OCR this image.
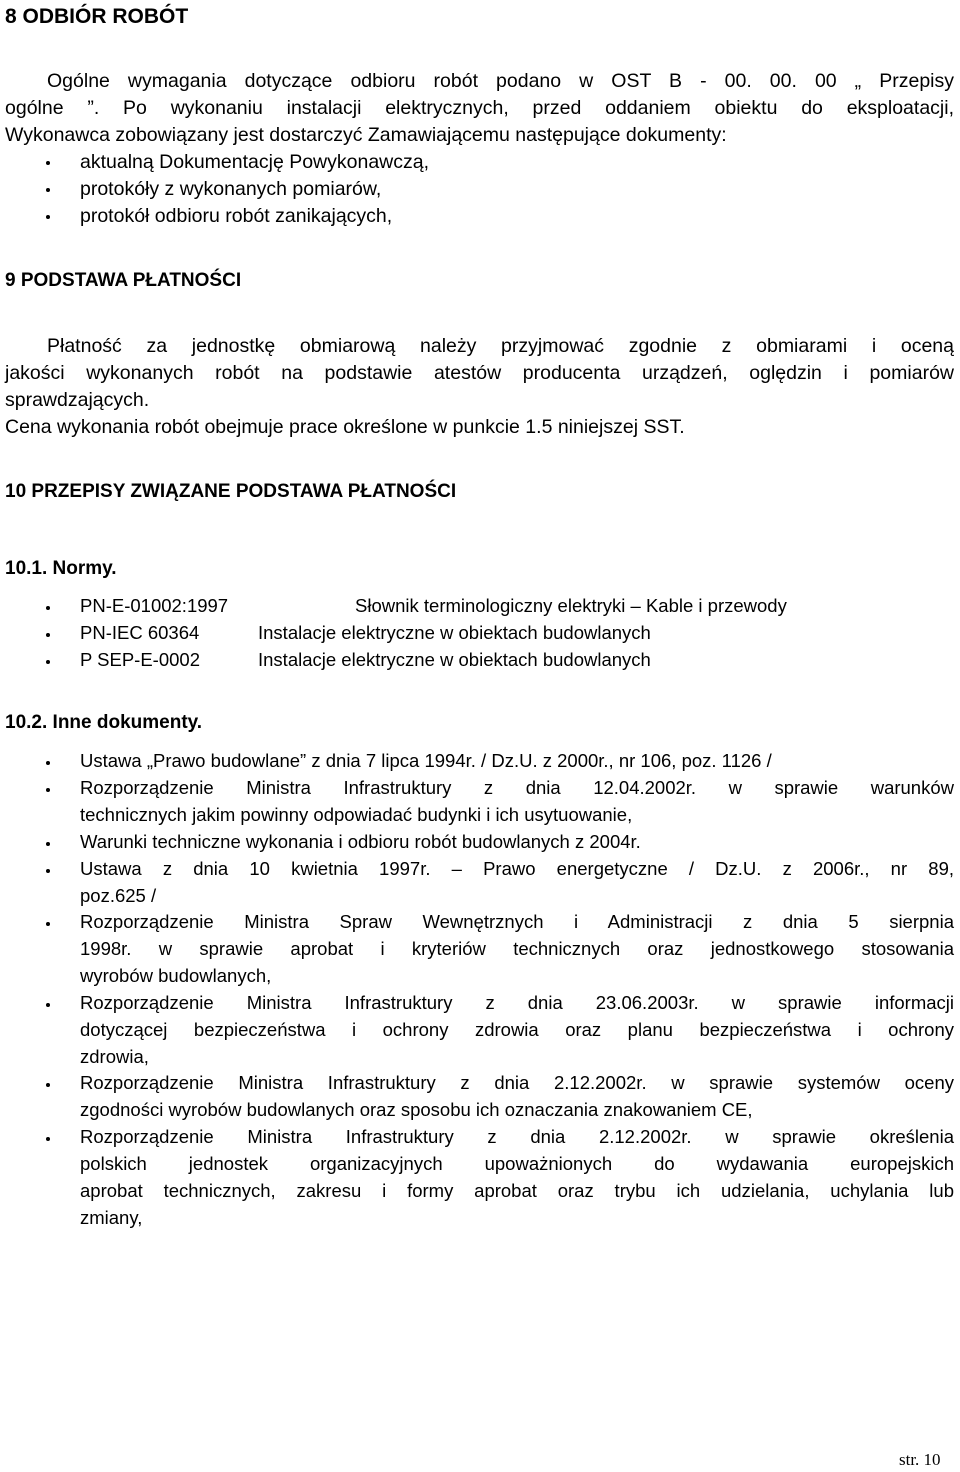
8 ODBIÓR ROBÓT
Ogólne wymagania dotyczące odbioru robót podano w OST B - 00. 00. 00 „ Przepisy
ogólne ”. Po wykonaniu instalacji elektrycznych, przed oddaniem obiektu do eksploatacji,
Wykonawca zobowiązany jest dostarczyć Zamawiającemu następujące dokumenty:
aktualną Dokumentację Powykonawczą,
protokóły z wykonanych pomiarów,
protokół odbioru robót zanikających,
9 PODSTAWA PŁATNOŚCI
Płatność za jednostkę obmiarową należy przyjmować zgodnie z obmiarami i oceną
jakości wykonanych robót na podstawie atestów producenta urządzeń, oględzin i pomiarów
sprawdzających.
Cena wykonania robót obejmuje prace określone w punkcie 1.5 niniejszej SST.
10 PRZEPISY ZWIĄZANE PODSTAWA PŁATNOŚCI
10.1. Normy.
PN-E-01002:1997	Słownik terminologiczny elektryki – Kable i przewody
PN-IEC 60364	Instalacje elektryczne w obiektach budowlanych
P SEP-E-0002	Instalacje elektryczne w obiektach budowlanych
10.2. Inne dokumenty.
Ustawa „Prawo budowlane” z dnia 7 lipca 1994r. / Dz.U. z 2000r., nr 106, poz. 1126 /
Rozporządzenie Ministra Infrastruktury z dnia 12.04.2002r. w sprawie warunków
technicznych jakim powinny odpowiadać budynki i ich usytuowanie,
Warunki techniczne wykonania i odbioru robót budowlanych z 2004r.
Ustawa z dnia 10 kwietnia 1997r. – Prawo energetyczne / Dz.U. z 2006r., nr 89,
poz.625 /
Rozporządzenie Ministra Spraw Wewnętrznych i Administracji z dnia 5 sierpnia
1998r. w sprawie aprobat i kryteriów technicznych oraz jednostkowego stosowania
wyrobów budowlanych,
Rozporządzenie Ministra Infrastruktury z dnia 23.06.2003r. w sprawie informacji
dotyczącej bezpieczeństwa i ochrony zdrowia oraz planu bezpieczeństwa i ochrony
zdrowia,
Rozporządzenie Ministra Infrastruktury z dnia 2.12.2002r. w sprawie systemów oceny
zgodności wyrobów budowlanych oraz sposobu ich oznaczania znakowaniem CE,
Rozporządzenie Ministra Infrastruktury z dnia 2.12.2002r. w sprawie określenia
polskich jednostek organizacyjnych upoważnionych do wydawania europejskich
aprobat technicznych, zakresu i formy aprobat oraz trybu ich udzielania, uchylania lub
zmiany,
str. 10
